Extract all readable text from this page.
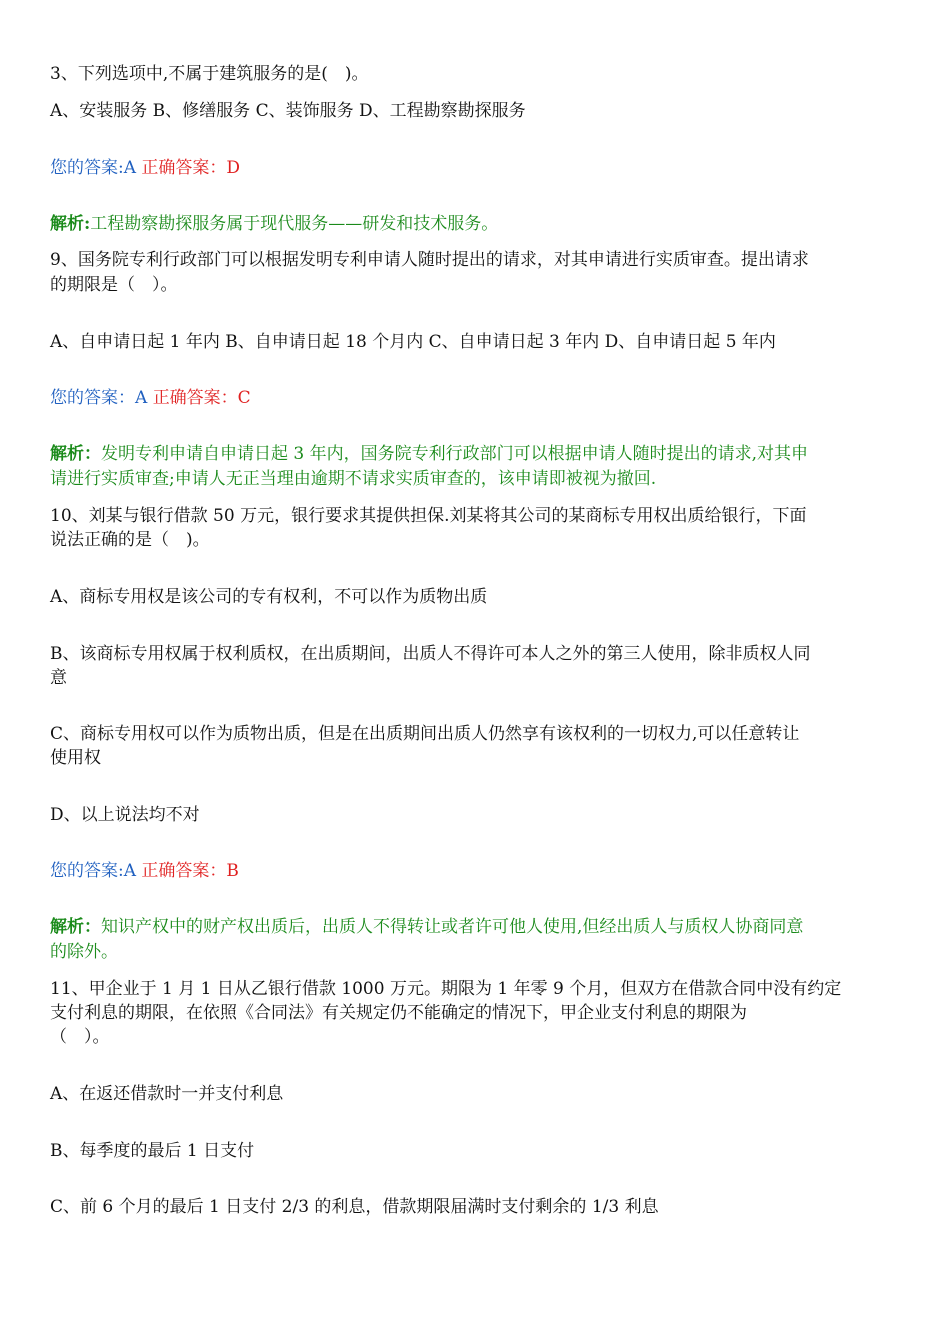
3、下列选项中,不属于建筑服务的是(　)。

A、安装服务 B、修缮服务 C、装饰服务 D、工程勘察勘探服务

您的答案:A 正确答案：D

解析:工程勘察勘探服务属于现代服务——研发和技术服务。

9、国务院专利行政部门可以根据发明专利申请人随时提出的请求，对其申请进行实质审查。提出请求

的期限是（　）。

A、自申请日起 1 年内 B、自申请日起 18 个月内 C、自申请日起 3 年内 D、自申请日起 5 年内

您的答案：A 正确答案：C

解析：发明专利申请自申请日起 3 年内，国务院专利行政部门可以根据申请人随时提出的请求,对其申

请进行实质审查;申请人无正当理由逾期不请求实质审查的，该申请即被视为撤回.

10、刘某与银行借款 50 万元，银行要求其提供担保.刘某将其公司的某商标专用权出质给银行，下面

说法正确的是（　)。

A、商标专用权是该公司的专有权利，不可以作为质物出质

B、该商标专用权属于权利质权，在出质期间，出质人不得许可本人之外的第三人使用，除非质权人同

意

C、商标专用权可以作为质物出质，但是在出质期间出质人仍然享有该权利的一切权力,可以任意转让

使用权

D、以上说法均不对

您的答案:A 正确答案：B

解析：知识产权中的财产权出质后，出质人不得转让或者许可他人使用,但经出质人与质权人协商同意

的除外。

11、甲企业于 1 月 1 日从乙银行借款 1000 万元。期限为 1 年零 9 个月，但双方在借款合同中没有约定

支付利息的期限，在依照《合同法》有关规定仍不能确定的情况下，甲企业支付利息的期限为

（　）。

A、在返还借款时一并支付利息

B、每季度的最后 1 日支付

C、前 6 个月的最后 1 日支付 2/3 的利息，借款期限届满时支付剩余的 1/3 利息
